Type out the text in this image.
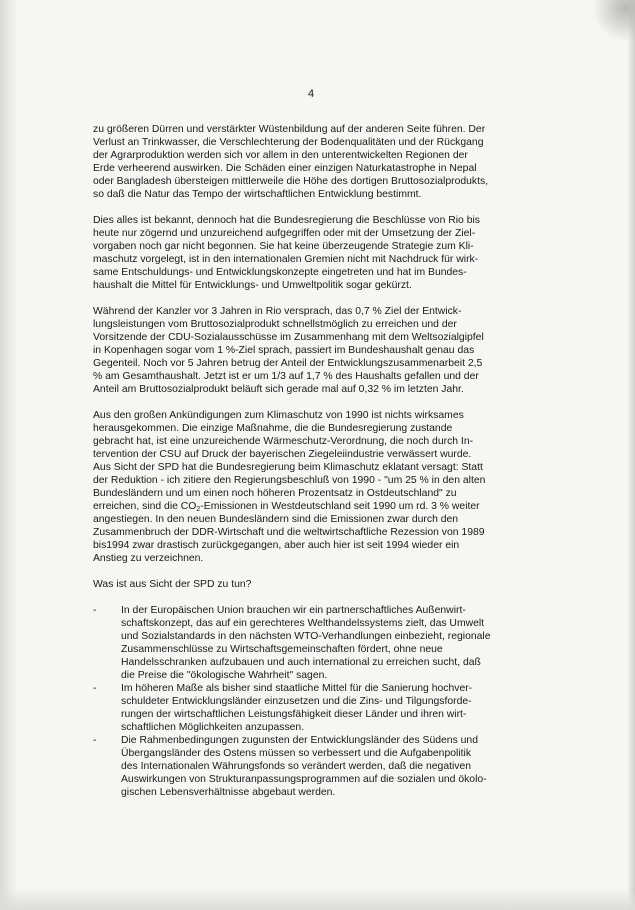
4

zu größeren Dürren und verstärkter Wüstenbildung auf der anderen Seite führen. Der
Verlust an Trinkwasser, die Verschlechterung der Bodenqualitäten und der Rückgang
der Agrarproduktion werden sich vor allem in den unterentwickelten Regionen der
Erde verheerend auswirken. Die Schäden einer einzigen Naturkatastrophe in Nepal
oder Bangladesh übersteigen mittlerweile die Höhe des dortigen Bruttosozialprodukts,
so daß die Natur das Tempo der wirtschaftlichen Entwicklung bestimmt.

Dies alles ist bekannt, dennoch hat die Bundesregierung die Beschlüsse von Rio bis
heute nur zögernd und unzureichend aufgegriffen oder mit der Umsetzung der Ziel-
vorgaben noch gar nicht begonnen. Sie hat keine überzeugende Strategie zum Kli-
maschutz vorgelegt, ist in den internationalen Gremien nicht mit Nachdruck für wirk-
same Entschuldungs- und Entwicklungskonzepte eingetreten und hat im Bundes-
haushalt die Mittel für Entwicklungs- und Umweltpolitik sogar gekürzt.

Während der Kanzler vor 3 Jahren in Rio versprach, das 0,7 % Ziel der Entwick-
lungsleistungen vom Bruttosozialprodukt schnellstmöglich zu erreichen und der
Vorsitzende der CDU-Sozialausschüsse im Zusammenhang mit dem Weltsozialgipfel
in Kopenhagen sogar vom 1 %-Ziel sprach, passiert im Bundeshaushalt genau das
Gegenteil. Noch vor 5 Jahren betrug der Anteil der Entwicklungszusammenarbeit 2,5
% am Gesamthaushalt. Jetzt ist er um 1/3 auf 1,7 % des Haushalts gefallen und der
Anteil am Bruttosozialprodukt beläuft sich gerade mal auf 0,32 % im letzten Jahr.

Aus den großen Ankündigungen zum Klimaschutz von 1990 ist nichts wirksames
herausgekommen. Die einzige Maßnahme, die die Bundesregierung zustande
gebracht hat, ist eine unzureichende Wärmeschutz-Verordnung, die noch durch In-
tervention der CSU auf Druck der bayerischen Ziegeleiindustrie verwässert wurde.
Aus Sicht der SPD hat die Bundesregierung beim Klimaschutz eklatant versagt: Statt
der Reduktion - ich zitiere den Regierungsbeschluß von 1990 - "um 25 % in den alten
Bundesländern und um einen noch höheren Prozentsatz in Ostdeutschland" zu
erreichen, sind die $CO_2$-Emissionen in Westdeutschland seit 1990 um rd. 3 % weiter
angestiegen. In den neuen Bundesländern sind die Emissionen zwar durch den
Zusammenbruch der DDR-Wirtschaft und die weltwirtschaftliche Rezession von 1989
bis1994 zwar drastisch zurückgegangen, aber auch hier ist seit 1994 wieder ein
Anstieg zu verzeichnen.

Was ist aus Sicht der SPD zu tun?

- In der Europäischen Union brauchen wir ein partnerschaftliches Außenwirt-
schaftskonzept, das auf ein gerechteres Welthandelssystems zielt, das Umwelt
und Sozialstandards in den nächsten WTO-Verhandlungen einbezieht, regionale
Zusammenschlüsse zu Wirtschaftsgemeinschaften fördert, ohne neue
Handelsschranken aufzubauen und auch international zu erreichen sucht, daß
die Preise die "ökologische Wahrheit" sagen.
- Im höheren Maße als bisher sind staatliche Mittel für die Sanierung hochver-
schuldeter Entwicklungsländer einzusetzen und die Zins- und Tilgungsforde-
rungen der wirtschaftlichen Leistungsfähigkeit dieser Länder und ihren wirt-
schaftlichen Möglichkeiten anzupassen.
- Die Rahmenbedingungen zugunsten der Entwicklungsländer des Südens und
Übergangsländer des Ostens müssen so verbessert und die Aufgabenpolitik
des Internationalen Währungsfonds so verändert werden, daß die negativen
Auswirkungen von Strukturanpassungsprogrammen auf die sozialen und ökolo-
gischen Lebensverhältnisse abgebaut werden.
